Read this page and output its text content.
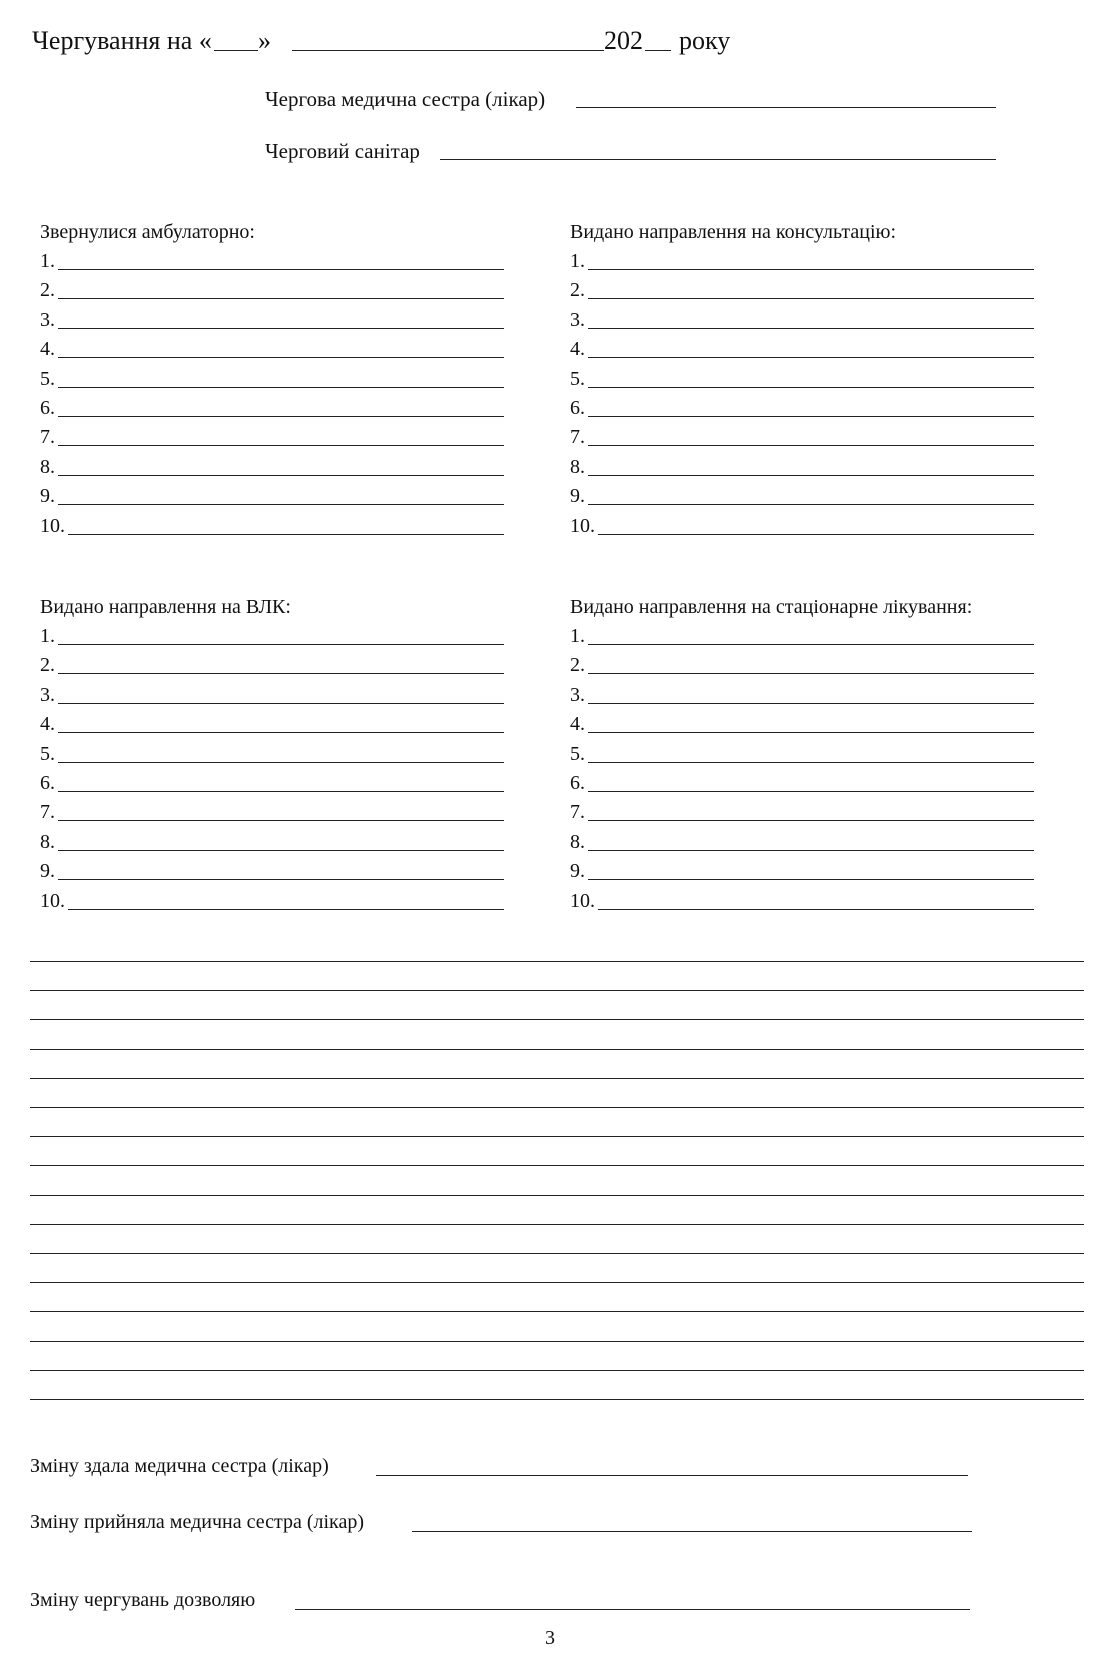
Чергування на « »	202 року
Чергова медична сестра (лікар)
Черговий санітар
Звернулися амбулаторно:
1.
2.
3.
4.
5.
6.
7.
8.
9.
10.
Видано направлення на консультацію:
1.
2.
3.
4.
5.
6.
7.
8.
9.
10.
Видано направлення на ВЛК:
1.
2.
3.
4.
5.
6.
7.
8.
9.
10.
Видано направлення на стаціонарне лікування:
1.
2.
3.
4.
5.
6.
7.
8.
9.
10.
Зміну здала медична сестра (лікар)
Зміну прийняла медична сестра (лікар)
Зміну чергувань дозволяю
3
